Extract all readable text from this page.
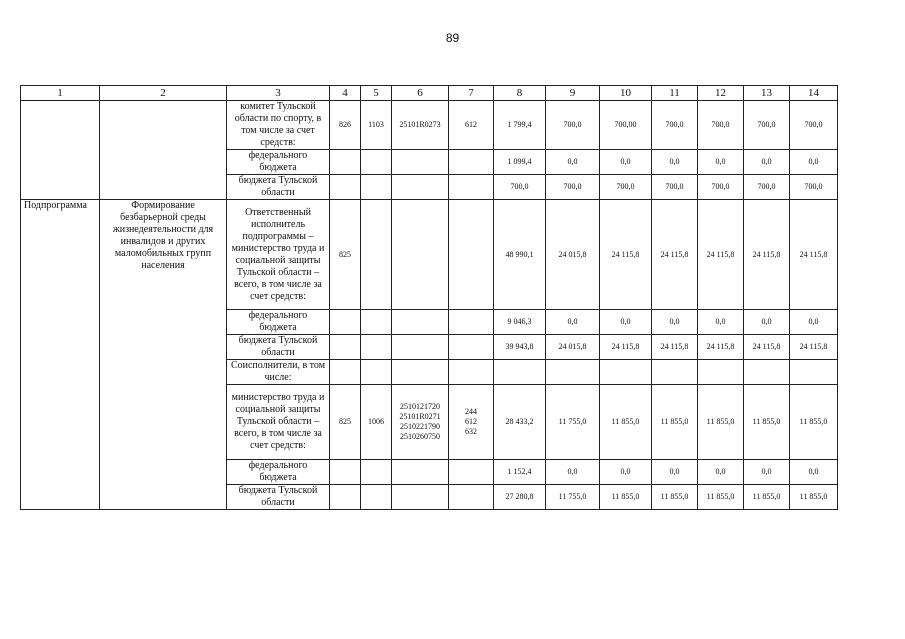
89
1	2	3	4	5	6	7	8	9	10	11	12	13	14
		комитет Тульской области по спорту, в том числе за счет средств:	826	1103	25101R0273	612	1 799,4	700,0	700,00	700,0	700,0	700,0	700,0
		федерального бюджета					1 099,4	0,0	0,0	0,0	0,0	0,0	0,0
		бюджета Тульской области					700,0	700,0	700,0	700,0	700,0	700,0	700,0
Подпрограмма	Формирование безбарьерной среды жизнедеятельности для инвалидов и других маломобильных групп населения	Ответственный исполнитель подпрограммы – министерство труда и социальной защиты Тульской области – всего, в том числе за счет средств:	825				48 990,1	24 015,8	24 115,8	24 115,8	24 115,8	24 115,8	24 115,8
		федерального бюджета					9 046,3	0,0	0,0	0,0	0,0	0,0	0,0
		бюджета Тульской области					39 943,8	24 015,8	24 115,8	24 115,8	24 115,8	24 115,8	24 115,8
		Соисполнители, в том числе:											
		министерство труда и социальной защиты Тульской области – всего, в том числе за счет средств:	825	1006	2510121720
25101R0271
2510221790
2510260750	244
612
632	28 433,2	11 755,0	11 855,0	11 855,0	11 855,0	11 855,0	11 855,0
		федерального бюджета					1 152,4	0,0	0,0	0,0	0,0	0,0	0,0
		бюджета Тульской области					27 280,8	11 755,0	11 855,0	11 855,0	11 855,0	11 855,0	11 855,0
